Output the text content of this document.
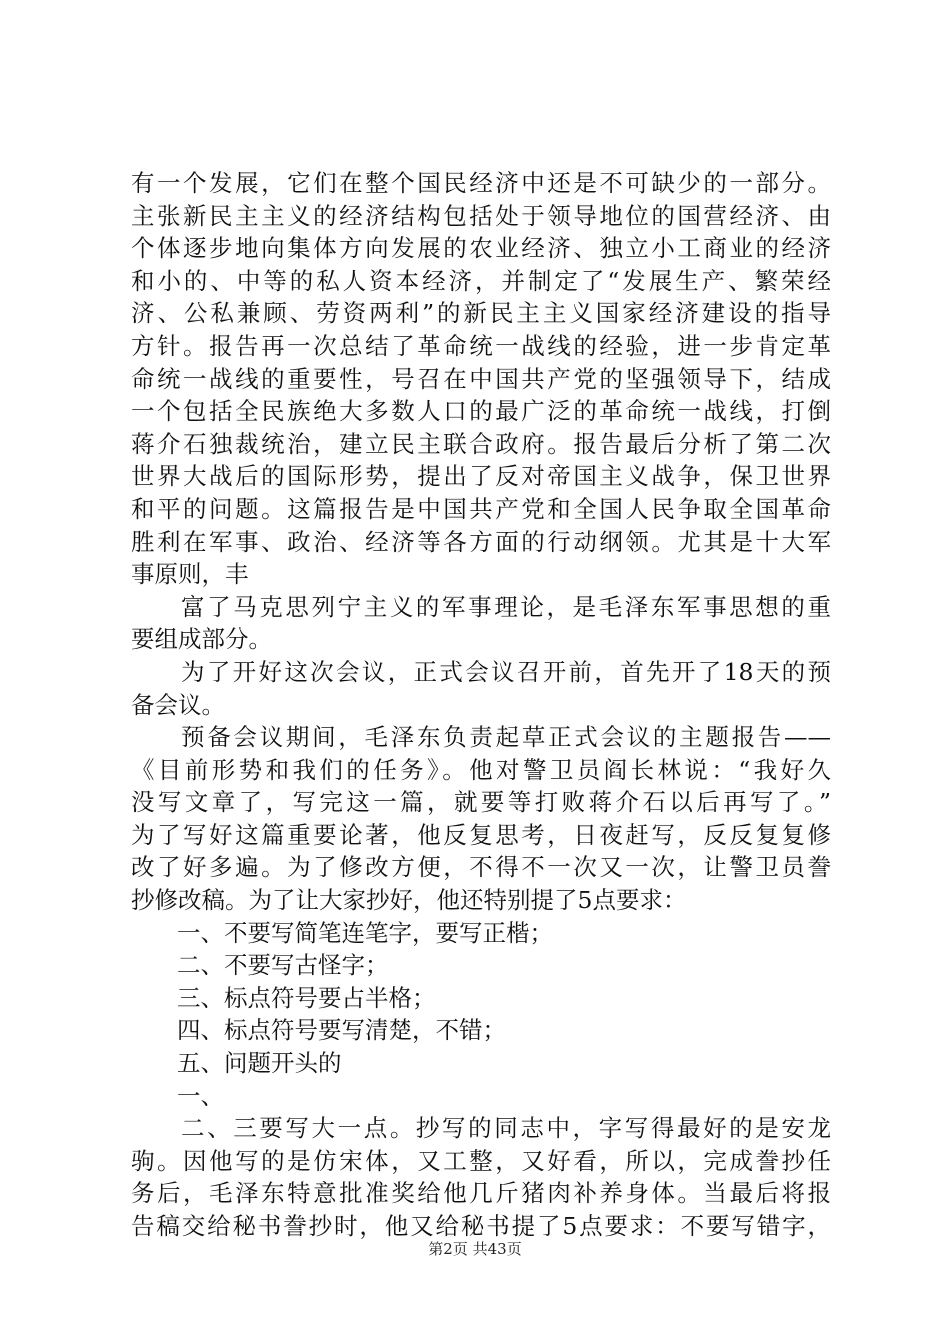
有一个发展，它们在整个国民经济中还是不可缺少的一部分。
主张新民主主义的经济结构包括处于领导地位的国营经济、由
个体逐步地向集体方向发展的农业经济、独立小工商业的经济
和小的、中等的私人资本经济，并制定了“发展生产、繁荣经
济、公私兼顾、劳资两利”的新民主主义国家经济建设的指导
方针。报告再一次总结了革命统一战线的经验，进一步肯定革
命统一战线的重要性，号召在中国共产党的坚强领导下，结成
一个包括全民族绝大多数人口的最广泛的革命统一战线，打倒
蒋介石独裁统治，建立民主联合政府。报告最后分析了第二次
世界大战后的国际形势，提出了反对帝国主义战争，保卫世界
和平的问题。这篇报告是中国共产党和全国人民争取全国革命
胜利在军事、政治、经济等各方面的行动纲领。尤其是十大军
事原则，丰
富了马克思列宁主义的军事理论，是毛泽东军事思想的重
要组成部分。
为了开好这次会议，正式会议召开前，首先开了18天的预
备会议。
预备会议期间，毛泽东负责起草正式会议的主题报告——
《目前形势和我们的任务》。他对警卫员阎长林说：“我好久
没写文章了，写完这一篇，就要等打败蒋介石以后再写了。”
为了写好这篇重要论著，他反复思考，日夜赶写，反反复复修
改了好多遍。为了修改方便，不得不一次又一次，让警卫员誊
抄修改稿。为了让大家抄好，他还特别提了5点要求：
一、不要写简笔连笔字，要写正楷；
二、不要写古怪字；
三、标点符号要占半格；
四、标点符号要写清楚，不错；
五、问题开头的
一、
二、三要写大一点。抄写的同志中，字写得最好的是安龙
驹。因他写的是仿宋体，又工整，又好看，所以，完成誊抄任
务后，毛泽东特意批准奖给他几斤猪肉补养身体。当最后将报
告稿交给秘书誊抄时，他又给秘书提了5点要求：不要写错字，
第2页 共43页
